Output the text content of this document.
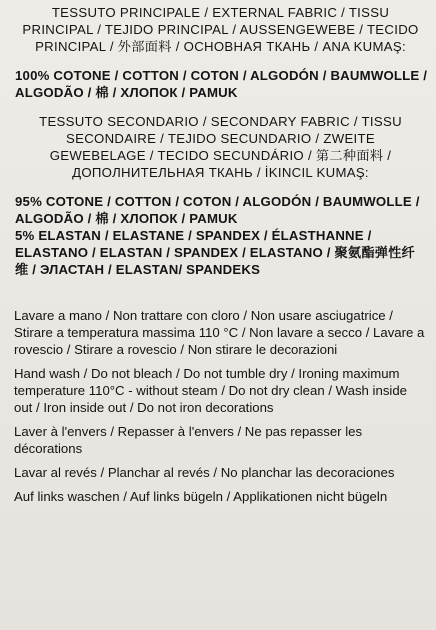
TESSUTO PRINCIPALE / EXTERNAL FABRIC / TISSU PRINCIPAL / TEJIDO PRINCIPAL / AUSSENGEWEBE / TECIDO PRINCIPAL / 外部面料 / ОСНОВНАЯ ТКАНЬ / ANA KUMAŞ:

100% COTONE / COTTON / COTON / ALGODÓN / BAUMWOLLE / ALGODÃO / 棉 / ХЛОПОК / PAMUK

TESSUTO SECONDARIO / SECONDARY FABRIC / TISSU SECONDAIRE / TEJIDO SECUNDARIO / ZWEITE GEWEBELAGE / TECIDO SECUNDÁRIO / 第二种面料 / ДОПОЛНИТЕЛЬНАЯ ТКАНЬ / İKINCIL KUMAŞ:

95% COTONE / COTTON / COTON / ALGODÓN / BAUMWOLLE / ALGODÃO / 棉 / ХЛОПОК / PAMUK

5% ELASTAN / ELASTANE / SPANDEX / ÉLASTHANNE / ELASTANO / ELASTAN / SPANDEX / ELASTANO / 聚氨酯弹性纤维 / ЭЛАСТАН / ELASTAN/ SPANDEKS

Lavare a mano / Non trattare con cloro / Non usare asciugatrice / Stirare a temperatura massima 110 °C / Non lavare a secco / Lavare a rovescio / Stirare a rovescio / Non stirare le decorazioni

Hand wash / Do not bleach / Do not tumble dry / Ironing maximum temperature 110°C - without steam / Do not dry clean / Wash inside out / Iron inside out / Do not iron decorations

Laver à l'envers / Repasser à l'envers / Ne pas repasser les décorations

Lavar al revés / Planchar al revés / No planchar las decoraciones

Auf links waschen / Auf links bügeln / Applikationen nicht bügeln
